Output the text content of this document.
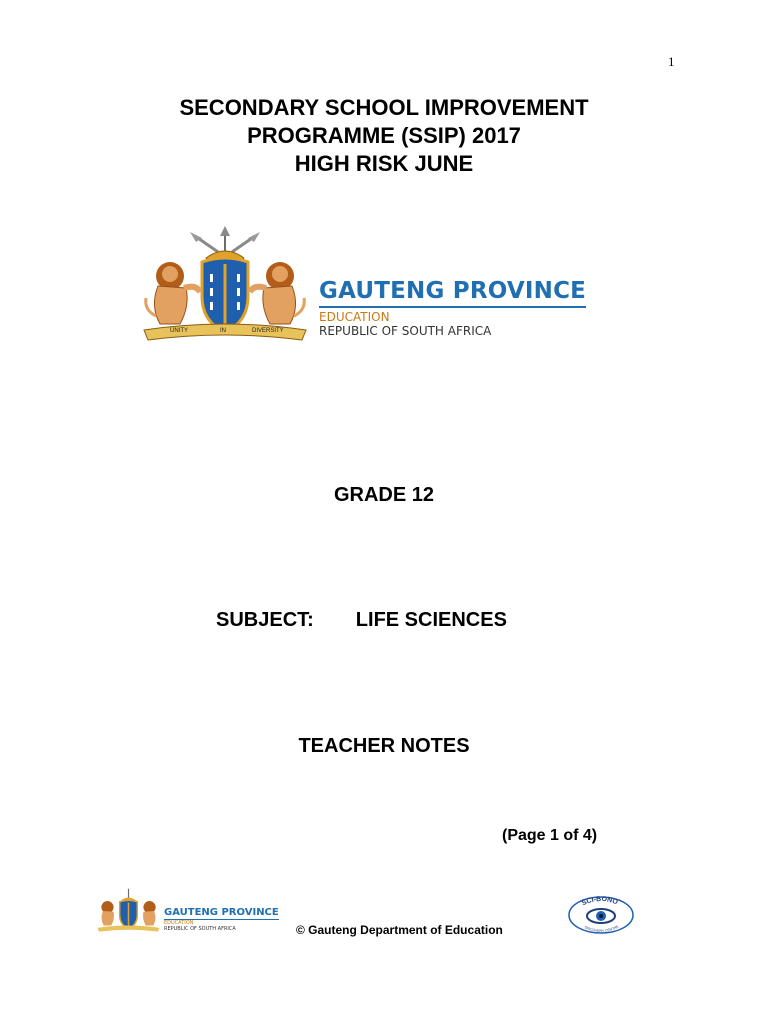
1
SECONDARY SCHOOL IMPROVEMENT
PROGRAMME (SSIP) 2017
HIGH RISK JUNE
UNITY	IN	DIVERSITY
GAUTENG PROVINCE
EDUCATION
REPUBLIC OF SOUTH AFRICA
GRADE 12
SUBJECT: LIFE SCIENCES
TEACHER NOTES
(Page 1 of 4)
GAUTENG PROVINCE
EDUCATION
REPUBLIC OF SOUTH AFRICA	© Gauteng Department of Education
SCI-BONO
DISCOVERY CENTRE
